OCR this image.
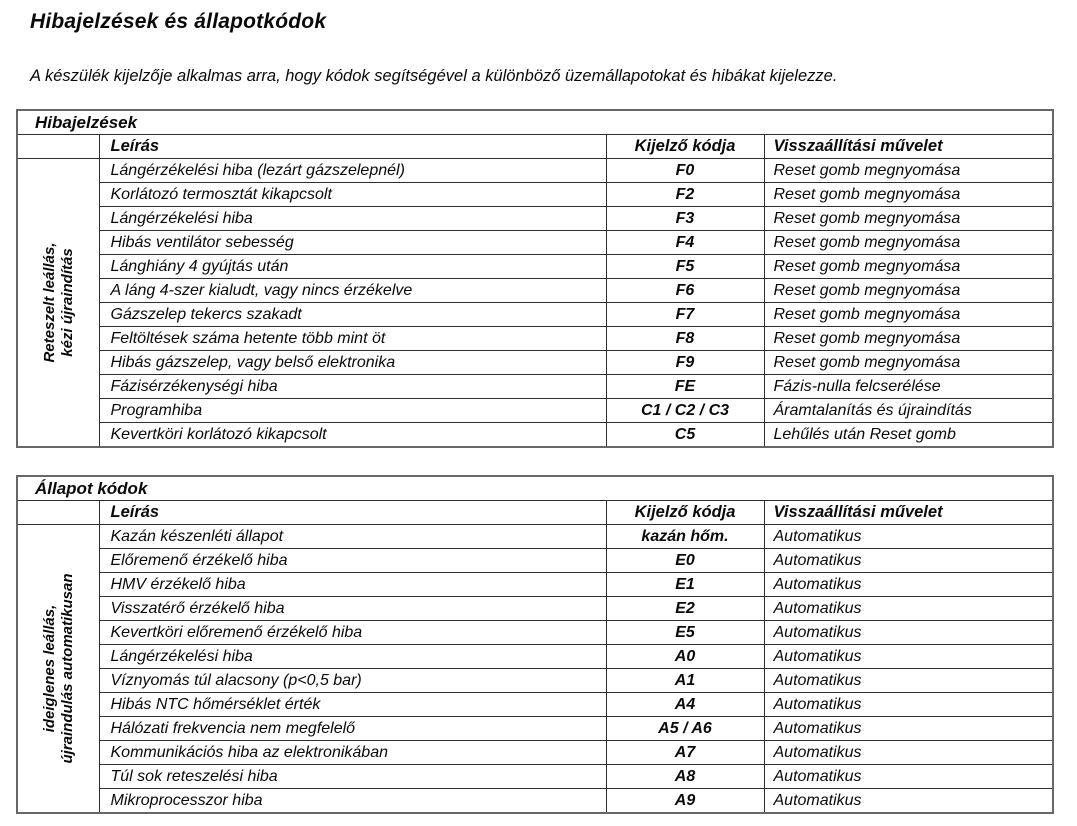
Hibajelzések és állapotkódok

A készülék kijelzője alkalmas arra, hogy kódok segítségével a különböző üzemállapotokat és hibákat kijelezze.

Hibajelzések			
	Leírás	Kijelző kódja	Visszaállítási művelet

Reteszelt leállás, kézi újraindítás	Lángérzékelési hiba (lezárt gázszelepnél)	F0	Reset gomb megnyomása
	Korlátozó termosztát kikapcsolt	F2	Reset gomb megnyomása
	Lángérzékelési hiba	F3	Reset gomb megnyomása
	Hibás ventilátor sebesség	F4	Reset gomb megnyomása
	Lánghiány 4 gyújtás után	F5	Reset gomb megnyomása
	A láng 4-szer kialudt, vagy nincs érzékelve	F6	Reset gomb megnyomása
	Gázszelep tekercs szakadt	F7	Reset gomb megnyomása
	Feltöltések száma hetente több mint öt	F8	Reset gomb megnyomása
	Hibás gázszelep, vagy belső elektronika	F9	Reset gomb megnyomása
	Fázisérzékenységi hiba	FE	Fázis-nulla felcserélése
	Programhiba	C1 / C2 / C3	Áramtalanítás és újraindítás
	Kevertköri korlátozó kikapcsolt	C5	Lehűlés után Reset gomb
Állapot kódok			
	Leírás	Kijelző kódja	Visszaállítási művelet

ideiglenes leállás, újraindulás automatikusan	Kazán készenléti állapot	kazán hőm.	Automatikus
	Előremenő érzékelő hiba	E0	Automatikus
	HMV érzékelő hiba	E1	Automatikus
	Visszatérő érzékelő hiba	E2	Automatikus
	Kevertköri előremenő érzékelő hiba	E5	Automatikus
	Lángérzékelési hiba	A0	Automatikus
	Víznyomás túl alacsony (p<0,5 bar)	A1	Automatikus
	Hibás NTC hőmérséklet érték	A4	Automatikus
	Hálózati frekvencia nem megfelelő	A5 / A6	Automatikus
	Kommunikációs hiba az elektronikában	A7	Automatikus
	Túl sok reteszelési hiba	A8	Automatikus
	Mikroprocesszor hiba	A9	Automatikus
